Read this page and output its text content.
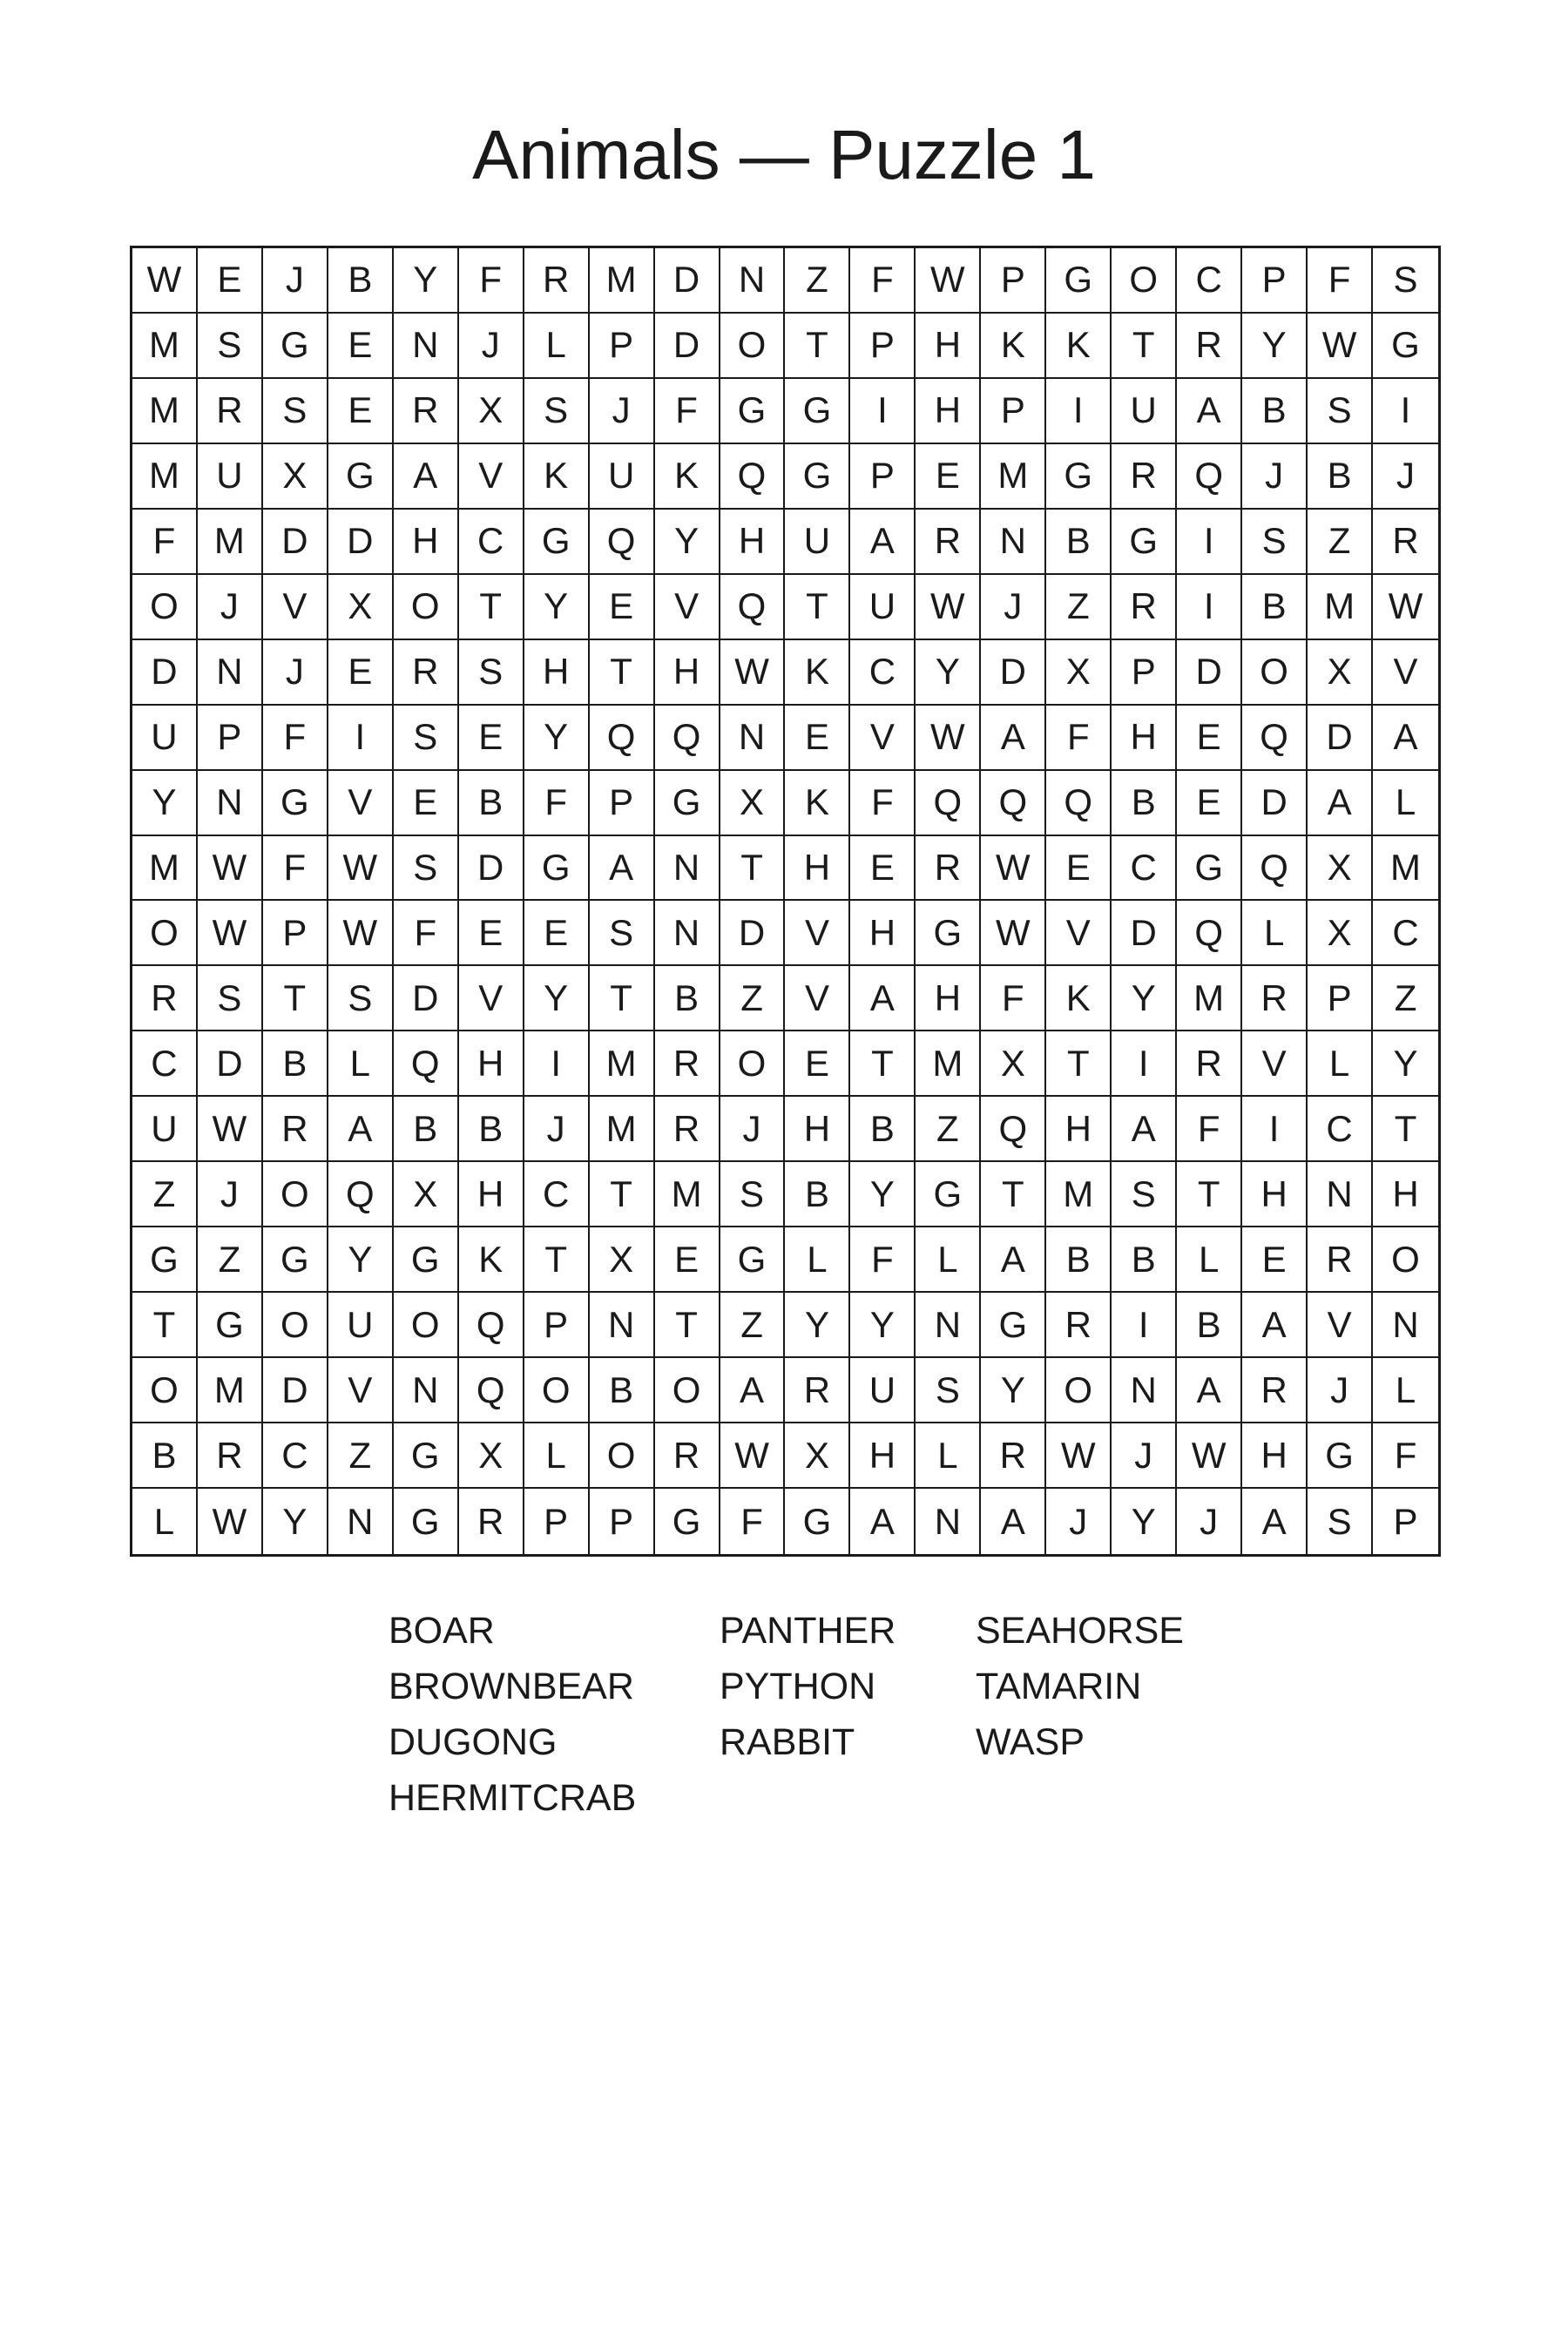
Animals — Puzzle 1
W E	J	B	Y	F	R	M	D	N	Z	F	W P	G	O	C	P	F	S
M	S	G	E	N	J	L	P	D	O	T	P	H	K	K	T	R	Y W G
M	R	S	E	R	X	S	J	F	G	G	I	H	P	I	U	A	B	S	I
M	U	X	G	A	V	K	U	K	Q	G	P	E	M G	R	Q	J	B	J
F	M	D	D	H	C	G	Q	Y	H	U	A	R	N	B	G	I	S	Z	R
O	J	V	X	O	T	Y	E	V	Q	T	U W	J	Z	R	I	B	M W
D	N	J	E	R	S	H	T	H W K	C	Y	D	X	P	D	O	X	V
U	P	F	I	S	E	Y	Q	Q	N	E	V W A	F	H	E	Q	D	A
Y	N	G	V	E	B	F	P	G	X	K	F	Q	Q	Q	B	E	D	A	L
M W	F	W S	D	G	A	N	T	H	E	R W E	C	G	Q	X	M
O W P W	F	E	E	S	N	D	V	H	G W V	D	Q	L	X	C
R	S	T	S	D	V	Y	T	B	Z	V	A	H	F	K	Y	M	R	P	Z
C	D	B	L	Q	H	I	M	R	O	E	T	M	X	T	I	R	V	L	Y
U W R	A	B	B	J	M	R	J	H	B	Z	Q	H	A	F	I	C	T
Z	J	O	Q	X	H	C	T	M	S	B	Y	G	T	M	S	T	H	N	H
G	Z	G	Y	G	K	T	X	E	G	L	F	L	A	B	B	L	E	R	O
T	G	O	U	O	Q	P	N	T	Z	Y	Y	N	G	R	I	B	A	V	N
O M	D	V	N	Q	O	B	O	A	R	U	S	Y	O	N	A	R	J	L
B	R	C	Z	G	X	L	O	R W X	H	L	R W	J	W H	G	F
L	W Y	N	G	R	P	P	G	F	G	A	N	A	J	Y	J	A	S	P
BOAR
BROWNBEAR
DUGONG
HERMITCRAB
PANTHER
PYTHON
RABBIT
SEAHORSE
TAMARIN
WASP
